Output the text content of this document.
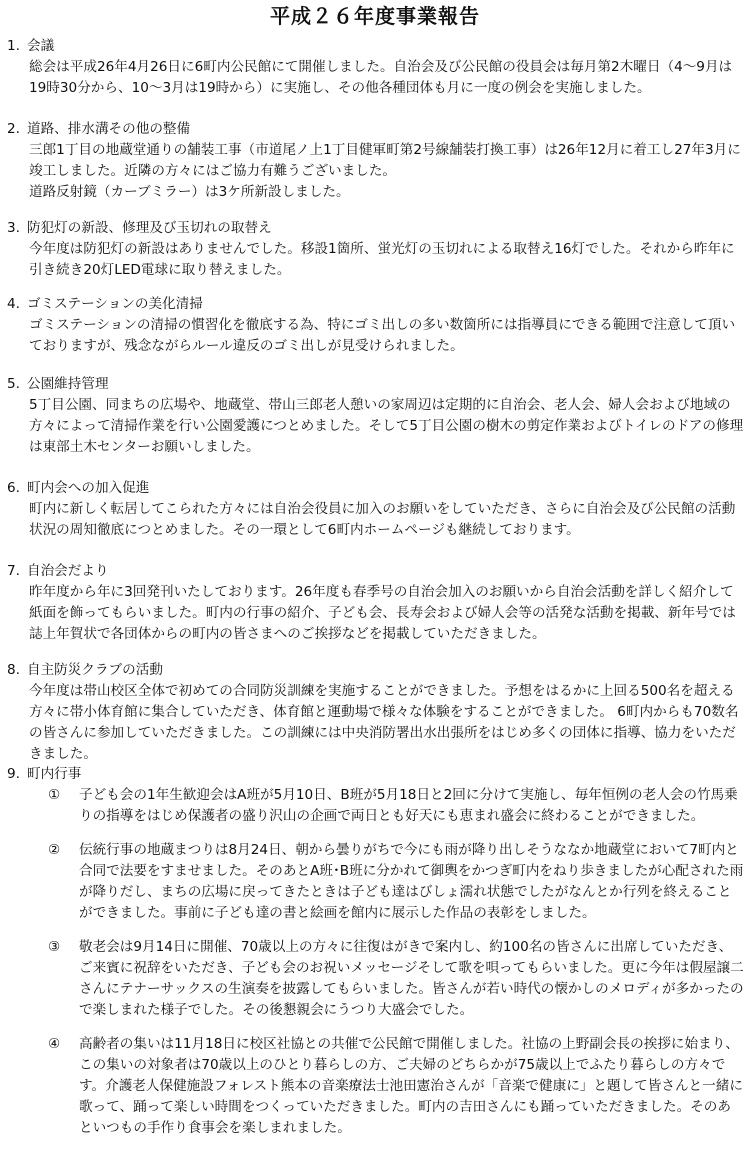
平成２６年度事業報告
1. 会議
総会は平成26年4月26日に6町内公民館にて開催しました。自治会及び公民館の役員会は毎月第2木曜日（4～9月は19時30分から、10～3月は19時から）に実施し、その他各種団体も月に一度の例会を実施しました。
2. 道路、排水溝その他の整備
三郎1丁目の地蔵堂通りの舗装工事（市道尾ノ上1丁目健軍町第2号線舗装打換工事）は26年12月に着工し27年3月に竣工しました。近隣の方々にはご協力有難うございました。
道路反射鏡（カーブミラー）は3ケ所新設しました。
3. 防犯灯の新設、修理及び玉切れの取替え
今年度は防犯灯の新設はありませんでした。移設1箇所、蛍光灯の玉切れによる取替え16灯でした。それから昨年に引き続き20灯LED電球に取り替えました。
4. ゴミステーションの美化清掃
ゴミステーションの清掃の慣習化を徹底する為、特にゴミ出しの多い数箇所には指導員にできる範囲で注意して頂いておりますが、残念ながらルール違反のゴミ出しが見受けられました。
5. 公園維持管理
5丁目公園、同まちの広場や、地蔵堂、帯山三郎老人憩いの家周辺は定期的に自治会、老人会、婦人会および地域の方々によって清掃作業を行い公園愛護につとめました。そして5丁目公園の樹木の剪定作業およびトイレのドアの修理は東部土木センターお願いしました。
6. 町内会への加入促進
町内に新しく転居してこられた方々には自治会役員に加入のお願いをしていただき、さらに自治会及び公民館の活動状況の周知徹底につとめました。その一環として6町内ホームページも継続しております。
7. 自治会だより
昨年度から年に3回発刊いたしております。26年度も春季号の自治会加入のお願いから自治会活動を詳しく紹介して紙面を飾ってもらいました。町内の行事の紹介、子ども会、長寿会および婦人会等の活発な活動を掲載、新年号では誌上年賀状で各団体からの町内の皆さまへのご挨拶などを掲載していただきました。
8. 自主防災クラブの活動
今年度は帯山校区全体で初めての合同防災訓練を実施することができました。予想をはるかに上回る500名を超える方々に帯小体育館に集合していただき、体育館と運動場で様々な体験をすることができました。 6町内からも70数名の皆さんに参加していただきました。この訓練には中央消防署出水出張所をはじめ多くの団体に指導、協力をいただきました。
9. 町内行事
①	子ども会の1年生歓迎会はA班が5月10日、B班が5月18日と2回に分けて実施し、毎年恒例の老人会の竹馬乗りの指導をはじめ保護者の盛り沢山の企画で両日とも好天にも恵まれ盛会に終わることができました。
②	伝統行事の地蔵まつりは8月24日、朝から曇りがちで今にも雨が降り出しそうななか地蔵堂において7町内と合同で法要をすませました。そのあとA班･B班に分かれて御輿をかつぎ町内をねり歩きましたが心配された雨が降りだし、まちの広場に戻ってきたときは子ども達はびしょ濡れ状態でしたがなんとか行列を終えることができました。事前に子ども達の書と絵画を館内に展示した作品の表彰をしました。
③	敬老会は9月14日に開催、70歳以上の方々に往復はがきで案内し、約100名の皆さんに出席していただき、ご来賓に祝辞をいただき、子ども会のお祝いメッセージそして歌を唄ってもらいました。更に今年は假屋譲二さんにテナーサックスの生演奏を披露してもらいました。皆さんが若い時代の懐かしのメロディが多かったので楽しまれた様子でした。その後懇親会にうつり大盛会でした。
④	高齢者の集いは11月18日に校区社協との共催で公民館で開催しました。社協の上野副会長の挨拶に始まり、この集いの対象者は70歳以上のひとり暮らしの方、ご夫婦のどちらかが75歳以上でふたり暮らしの方々です。介護老人保健施設フォレスト熊本の音楽療法士池田憲治さんが「音楽で健康に」と題して皆さんと一緒に歌って、踊って楽しい時間をつくっていただきました。町内の吉田さんにも踊っていただきました。そのあといつもの手作り食事会を楽しまれました。
